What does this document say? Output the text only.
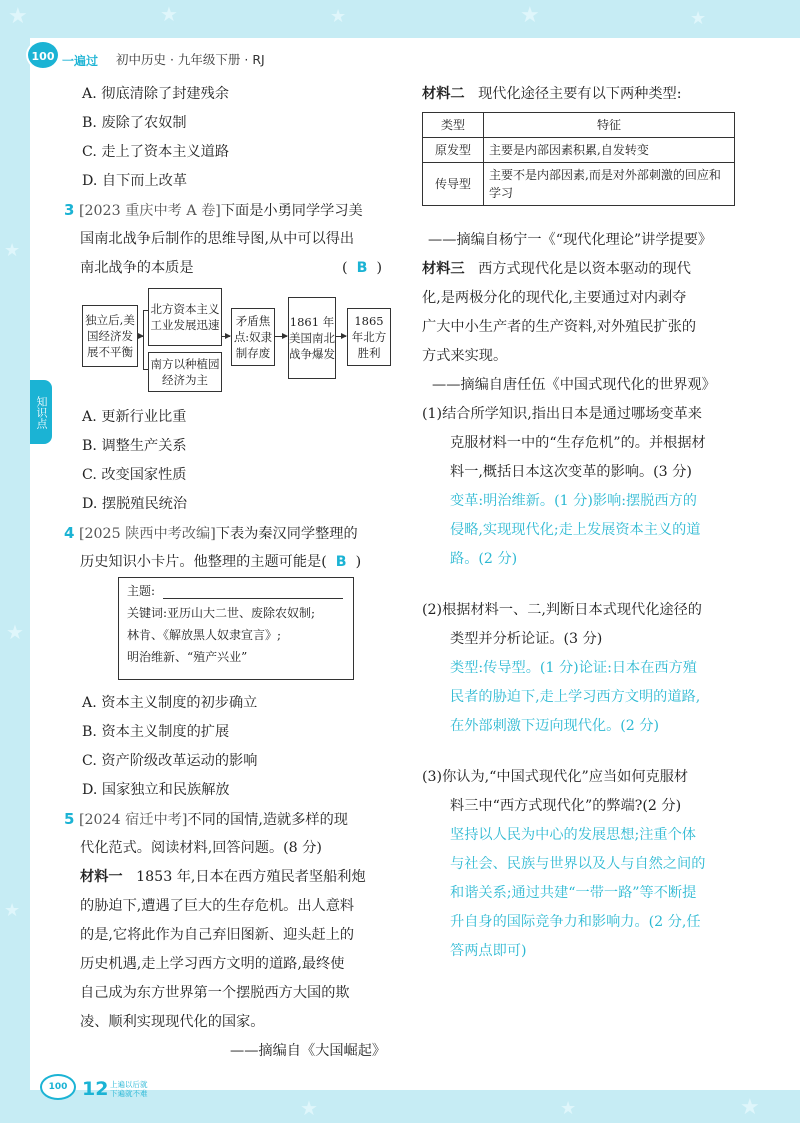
★	★	★	★	★
★
★
★
★	★	★
100 一遍过 初中历史 · 九年级下册 · RJ
知识点
A. 彻底清除了封建残余
B. 废除了农奴制
C. 走上了资本主义道路
D. 自下而上改革
3 [2023 重庆中考 A 卷]下面是小勇同学学习美
国南北战争后制作的思维导图,从中可以得出
南北战争的本质是	( B )
独立后,美国经济发展不平衡
北方资本主义工业发展迅速
南方以种植园经济为主
矛盾焦点:奴隶制存废
1861 年美国南北战争爆发
1865 年北方胜利
A. 更新行业比重
B. 调整生产关系
C. 改变国家性质
D. 摆脱殖民统治
4 [2025 陕西中考改编]下表为秦汉同学整理的
历史知识小卡片。他整理的主题可能是( B )
主题:
关键词:亚历山大二世、废除农奴制;
林肯、《解放黑人奴隶宣言》;
明治维新、“殖产兴业”
A. 资本主义制度的初步确立
B. 资本主义制度的扩展
C. 资产阶级改革运动的影响
D. 国家独立和民族解放
5 [2024 宿迁中考]不同的国情,造就多样的现
代化范式。阅读材料,回答问题。(8 分)
材料一 1853 年,日本在西方殖民者坚船利炮
的胁迫下,遭遇了巨大的生存危机。出人意料
的是,它将此作为自己弃旧图新、迎头赶上的
历史机遇,走上学习西方文明的道路,最终使
自己成为东方世界第一个摆脱西方大国的欺
凌、顺利实现现代化的国家。
——摘编自《大国崛起》
材料二 现代化途径主要有以下两种类型:
类型	特征
原发型	主要是内部因素积累,自发转变
传导型	主要不是内部因素,而是对外部刺激的回应和学习
——摘编自杨宁一《“现代化理论”讲学提要》
材料三 西方式现代化是以资本驱动的现代
化,是两极分化的现代化,主要通过对内剥夺
广大中小生产者的生产资料,对外殖民扩张的
方式来实现。
——摘编自唐任伍《中国式现代化的世界观》
(1)结合所学知识,指出日本是通过哪场变革来
克服材料一中的“生存危机”的。并根据材
料一,概括日本这次变革的影响。(3 分)
变革:明治维新。(1 分)影响:摆脱西方的
侵略,实现现代化;走上发展资本主义的道
路。(2 分)
(2)根据材料一、二,判断日本式现代化途径的
类型并分析论证。(3 分)
类型:传导型。(1 分)论证:日本在西方殖
民者的胁迫下,走上学习西方文明的道路,
在外部刺激下迈向现代化。(2 分)
(3)你认为,“中国式现代化”应当如何克服材
料三中“西方式现代化”的弊端?(2 分)
坚持以人民为中心的发展思想;注重个体
与社会、民族与世界以及人与自然之间的
和谐关系;通过共建“一带一路”等不断提
升自身的国际竞争力和影响力。(2 分,任
答两点即可)
100 12 上遍以后就
下遍就不难
